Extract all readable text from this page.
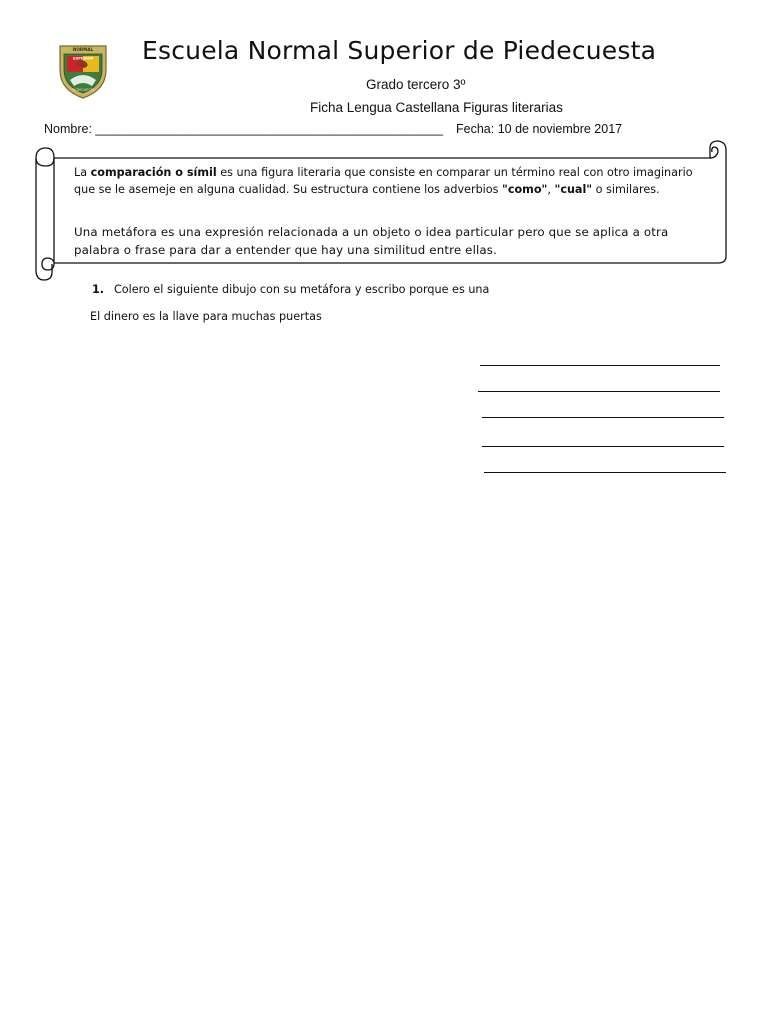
NORMAL
SUPERIOR
PIEDECUESTA
Escuela Normal Superior de Piedecuesta
Grado tercero 3º
Ficha Lengua Castellana Figuras literarias
Nombre: __________________________________________________ Fecha: 10 de noviembre 2017
La comparación o símil es una figura literaria que consiste en comparar un término real con otro imaginario que se le asemeje en alguna cualidad. Su estructura contiene los adverbios "como", "cual" o similares.
Una metáfora es una expresión relacionada a un objeto o idea particular pero que se aplica a otra palabra o frase para dar a entender que hay una similitud entre ellas.
1. Colero el siguiente dibujo con su metáfora y escribo porque es una
El dinero es la llave para muchas puertas
